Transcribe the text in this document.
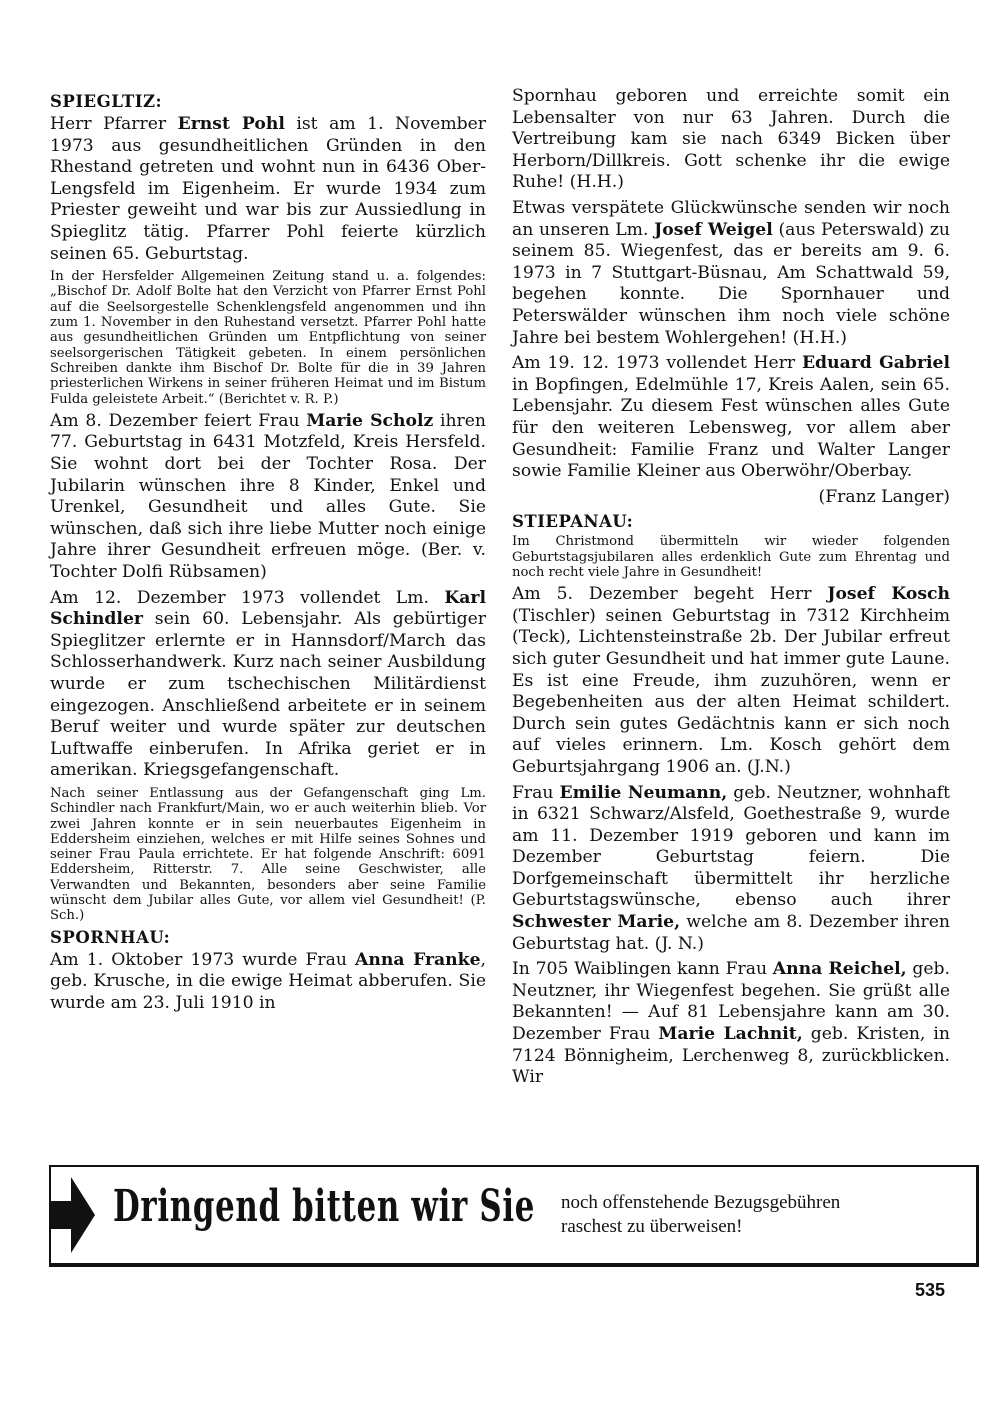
SPIEGLTIZ:

Herr Pfarrer Ernst Pohl ist am 1. November 1973 aus gesundheitlichen Gründen in den Rhestand getreten und wohnt nun in 6436 Ober-Lengsfeld im Eigenheim. Er wurde 1934 zum Priester geweiht und war bis zur Aussiedlung in Spieglitz tätig. Pfarrer Pohl feierte kürzlich seinen 65. Geburtstag.

In der Hersfelder Allgemeinen Zeitung stand u. a. folgendes: „Bischof Dr. Adolf Bolte hat den Verzicht von Pfarrer Ernst Pohl auf die Seelsorgestelle Schenklengsfeld angenommen und ihn zum 1. November in den Ruhestand versetzt. Pfarrer Pohl hatte aus gesundheitlichen Gründen um Entpflichtung von seiner seelsorgerischen Tätigkeit gebeten. In einem persönlichen Schreiben dankte ihm Bischof Dr. Bolte für die in 39 Jahren priesterlichen Wirkens in seiner früheren Heimat und im Bistum Fulda geleistete Arbeit.“ (Berichtet v. R. P.)

Am 8. Dezember feiert Frau Marie Scholz ihren 77. Geburtstag in 6431 Motzfeld, Kreis Hersfeld. Sie wohnt dort bei der Tochter Rosa. Der Jubilarin wünschen ihre 8 Kinder, Enkel und Urenkel, Gesundheit und alles Gute. Sie wünschen, daß sich ihre liebe Mutter noch einige Jahre ihrer Gesundheit erfreuen möge. (Ber. v. Tochter Dolfi Rübsamen)

Am 12. Dezember 1973 vollendet Lm. Karl Schindler sein 60. Lebensjahr. Als gebürtiger Spieglitzer erlernte er in Hannsdorf/March das Schlosserhandwerk. Kurz nach seiner Ausbildung wurde er zum tschechischen Militärdienst eingezogen. Anschließend arbeitete er in seinem Beruf weiter und wurde später zur deutschen Luftwaffe einberufen. In Afrika geriet er in amerikan. Kriegsgefangenschaft.

Nach seiner Entlassung aus der Gefangenschaft ging Lm. Schindler nach Frankfurt/Main, wo er auch weiterhin blieb. Vor zwei Jahren konnte er in sein neuerbautes Eigenheim in Eddersheim einziehen, welches er mit Hilfe seines Sohnes und seiner Frau Paula errichtete. Er hat folgende Anschrift: 6091 Eddersheim, Ritterstr. 7. Alle seine Geschwister, alle Verwandten und Bekannten, besonders aber seine Familie wünscht dem Jubilar alles Gute, vor allem viel Gesundheit! (P. Sch.)

SPORNHAU:

Am 1. Oktober 1973 wurde Frau Anna Franke, geb. Krusche, in die ewige Heimat abberufen. Sie wurde am 23. Juli 1910 in

Spornhau geboren und erreichte somit ein Lebensalter von nur 63 Jahren. Durch die Vertreibung kam sie nach 6349 Bicken über Herborn/Dillkreis. Gott schenke ihr die ewige Ruhe! (H.H.)

Etwas verspätete Glückwünsche senden wir noch an unseren Lm. Josef Weigel (aus Peterswald) zu seinem 85. Wiegenfest, das er bereits am 9. 6. 1973 in 7 Stuttgart-Büsnau, Am Schattwald 59, begehen konnte. Die Spornhauer und Peterswälder wünschen ihm noch viele schöne Jahre bei bestem Wohlergehen! (H.H.)

Am 19. 12. 1973 vollendet Herr Eduard Gabriel in Bopfingen, Edelmühle 17, Kreis Aalen, sein 65. Lebensjahr. Zu diesem Fest wünschen alles Gute für den weiteren Lebensweg, vor allem aber Gesundheit: Familie Franz und Walter Langer sowie Familie Kleiner aus Oberwöhr/Oberbay.

(Franz Langer)

STIEPANAU:

Im Christmond übermitteln wir wieder folgenden Geburtstagsjubilaren alles erdenklich Gute zum Ehrentag und noch recht viele Jahre in Gesundheit!

Am 5. Dezember begeht Herr Josef Kosch (Tischler) seinen Geburtstag in 7312 Kirchheim (Teck), Lichtensteinstraße 2b. Der Jubilar erfreut sich guter Gesundheit und hat immer gute Laune. Es ist eine Freude, ihm zuzuhören, wenn er Begebenheiten aus der alten Heimat schildert. Durch sein gutes Gedächtnis kann er sich noch auf vieles erinnern. Lm. Kosch gehört dem Geburtsjahrgang 1906 an. (J.N.)

Frau Emilie Neumann, geb. Neutzner, wohnhaft in 6321 Schwarz/Alsfeld, Goethestraße 9, wurde am 11. Dezember 1919 geboren und kann im Dezember Geburtstag feiern. Die Dorfgemeinschaft übermittelt ihr herzliche Geburtstagswünsche, ebenso auch ihrer Schwester Marie, welche am 8. Dezember ihren Geburtstag hat. (J. N.)

In 705 Waiblingen kann Frau Anna Reichel, geb. Neutzner, ihr Wiegenfest begehen. Sie grüßt alle Bekannten! — Auf 81 Lebensjahre kann am 30. Dezember Frau Marie Lachnit, geb. Kristen, in 7124 Bönnigheim, Lerchenweg 8, zurückblicken. Wir

Dringend bitten wir Sie noch offenstehende Bezugsgebühren
raschest zu überweisen!
535
